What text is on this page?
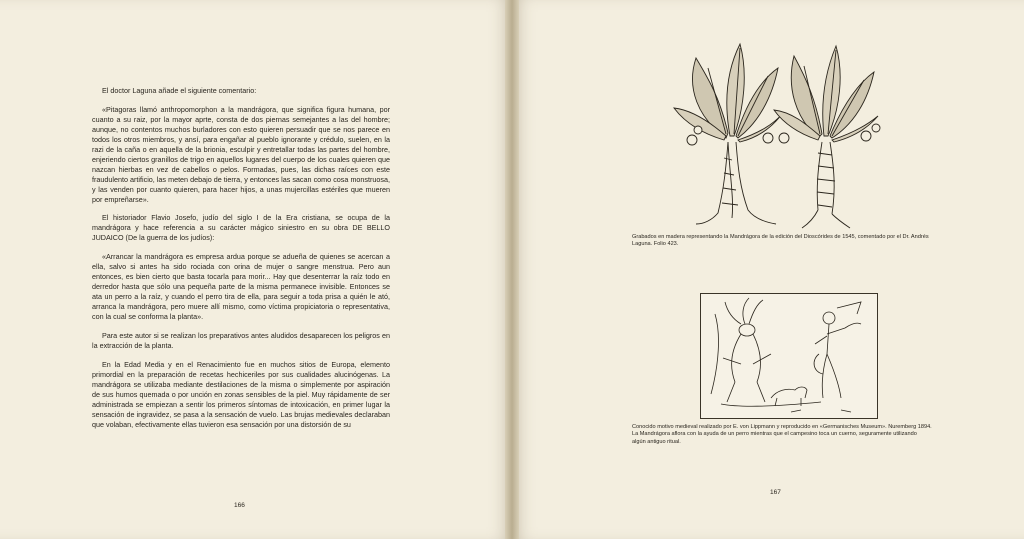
El doctor Laguna añade el siguiente comentario:

«Pitagoras llamó anthropomorphon a la mandrágora, que significa figura humana, por cuanto a su raiz, por la mayor aprte, consta de dos piernas semejantes a las del hombre; aunque, no contentos muchos burladores con esto quieren persuadir que se nos parece en todos los otros miembros, y ansí, para engañar al pueblo ignorante y crédulo, suelen, en la razi de la caña o en aquella de la brionia, esculpir y entretallar todas las partes del hombre, enjeriendo ciertos granillos de trigo en aquellos lugares del cuerpo de los cuales quieren que nazcan hierbas en vez de cabellos o pelos. Formadas, pues, las dichas raíces con este fraudulento artificio, las meten debajo de tierra, y entonces las sacan como cosa monstruosa, y las venden por cuanto quieren, para hacer hijos, a unas mujercillas estériles que mueren por empreñarse».

El historiador Flavio Josefo, judío del siglo I de la Era cristiana, se ocupa de la mandrágora y hace referencia a su carácter mágico siniestro en su obra DE BELLO JUDAICO (De la guerra de los judíos):

«Arrancar la mandrágora es empresa ardua porque se adueña de quienes se acercan a ella, salvo si antes ha sido rociada con orina de mujer o sangre menstrua. Pero aun entonces, es bien cierto que basta tocarla para morir... Hay que desenterrar la raíz todo en derredor hasta que sólo una pequeña parte de la misma permanece invisible. Entonces se ata un perro a la raíz, y cuando el perro tira de ella, para seguir a toda prisa a quién le ató, arranca la mandrágora, pero muere allí mismo, como víctima propiciatoria o representativa, con la cual se conforma la planta».

Para este autor si se realizan los preparativos antes aludidos desaparecen los peligros en la extracción de la planta.

En la Edad Media y en el Renacimiento fue en muchos sitios de Europa, elemento primordial en la preparación de recetas hechiceriles por sus cualidades alucinógenas. La mandrágora se utilizaba mediante destilaciones de la misma o simplemente por aspiración de sus humos quemada o por unción en zonas sensibles de la piel. Muy rápidamente de ser administrada se empiezan a sentir los primeros síntomas de intoxicación, en primer lugar la sensación de ingravidez, se pasa a la sensación de vuelo. Las brujas medievales declaraban que volaban, efectivamente ellas tuvieron esa sensación por una distorsión de su

166
Grabados en madera representando la Mandrágora de la edición del Dioscórides de 1545, comentado por el Dr. Andrés Laguna. Folio 423.
Conocido motivo medieval realizado por E. von Lippmann y reproducido en «Germanisches Museum». Nuremberg 1894. La Mandrágora aflora con la ayuda de un perro mientras que el campesino toca un cuerno, seguramente utilizando algún antiguo ritual.
167
